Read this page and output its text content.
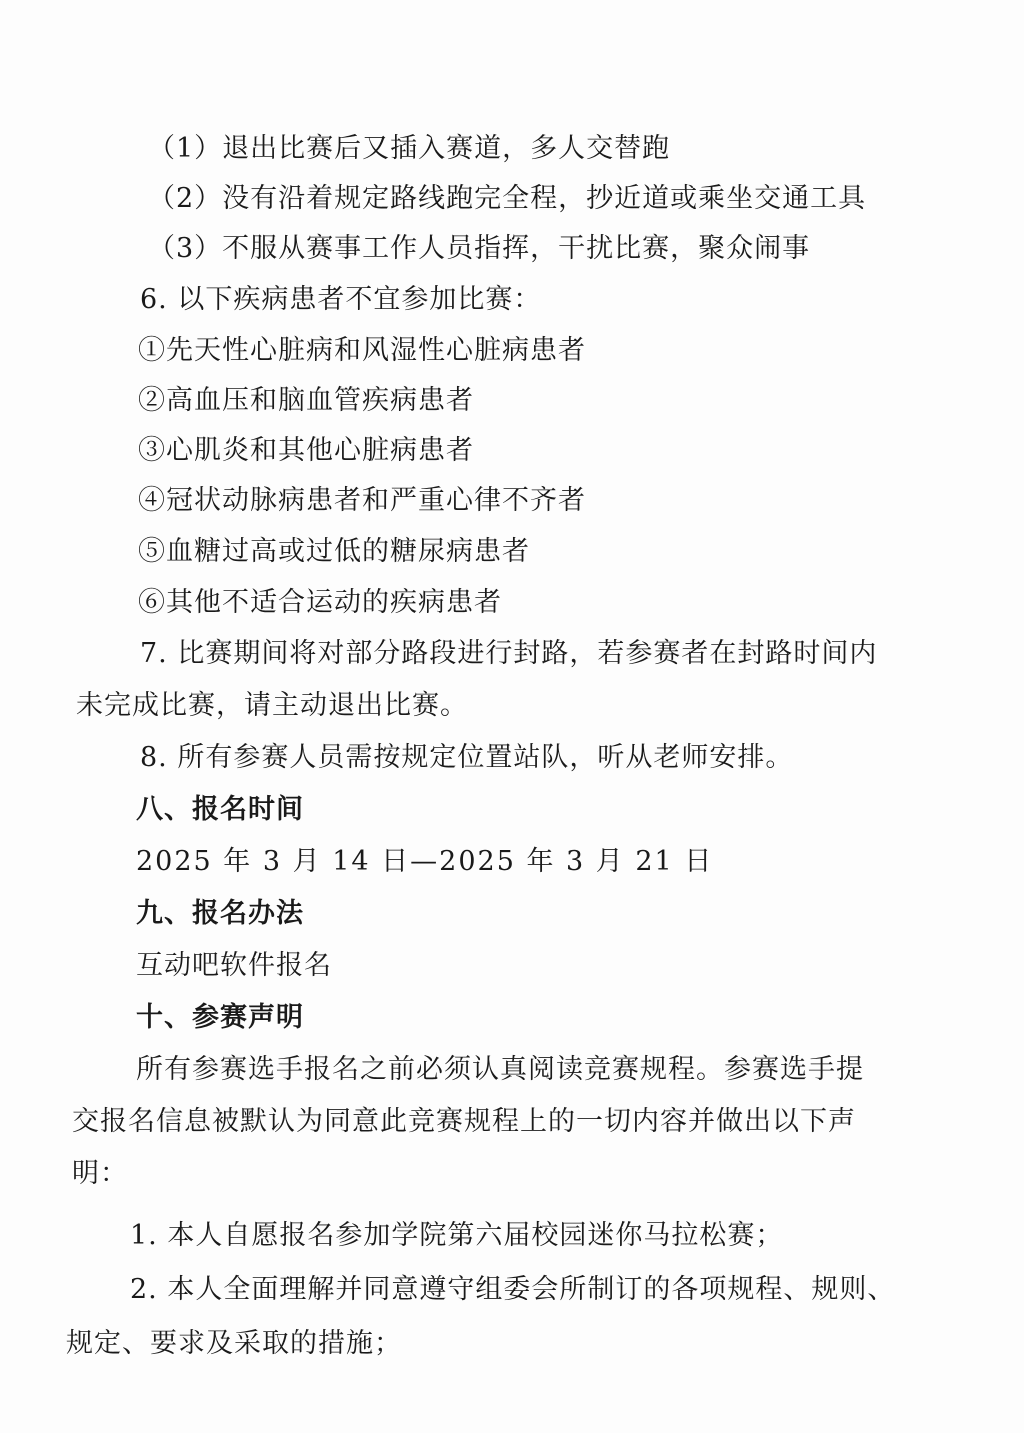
（1）退出比赛后又插入赛道，多人交替跑
（2）没有沿着规定路线跑完全程，抄近道或乘坐交通工具
（3）不服从赛事工作人员指挥，干扰比赛，聚众闹事
6. 以下疾病患者不宜参加比赛：
①先天性心脏病和风湿性心脏病患者
②高血压和脑血管疾病患者
③心肌炎和其他心脏病患者
④冠状动脉病患者和严重心律不齐者
⑤血糖过高或过低的糖尿病患者
⑥其他不适合运动的疾病患者
7. 比赛期间将对部分路段进行封路，若参赛者在封路时间内
未完成比赛，请主动退出比赛。
8. 所有参赛人员需按规定位置站队，听从老师安排。
八、报名时间
2025 年 3 月 14 日—2025 年 3 月 21 日
九、报名办法
互动吧软件报名
十、参赛声明
所有参赛选手报名之前必须认真阅读竞赛规程。参赛选手提
交报名信息被默认为同意此竞赛规程上的一切内容并做出以下声
明：
1. 本人自愿报名参加学院第六届校园迷你马拉松赛；
2. 本人全面理解并同意遵守组委会所制订的各项规程、规则、
规定、要求及采取的措施；
